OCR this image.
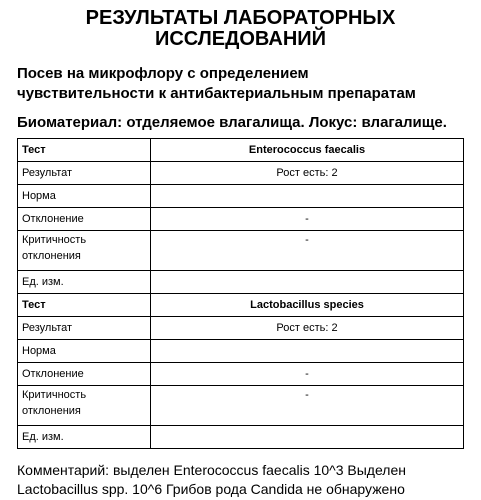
РЕЗУЛЬТАТЫ ЛАБОРАТОРНЫХ
ИССЛЕДОВАНИЙ
Посев на микрофлору с определением
чувствительности к антибактериальным препаратам
Биоматериал: отделяемое влагалища. Локус: влагалище.
Тест	Enterococcus faecalis
Результат	Рост есть: 2
Норма	
Отклонение	-
Критичность отклонения	-
Ед. изм.	
Тест	Lactobacillus species
Результат	Рост есть: 2
Норма	
Отклонение	-
Критичность отклонения	-
Ед. изм.	
Комментарий: выделен Enterococcus faecalis 10^3 Выделен
Lactobacillus spp. 10^6 Грибов рода Candida не обнаружено
